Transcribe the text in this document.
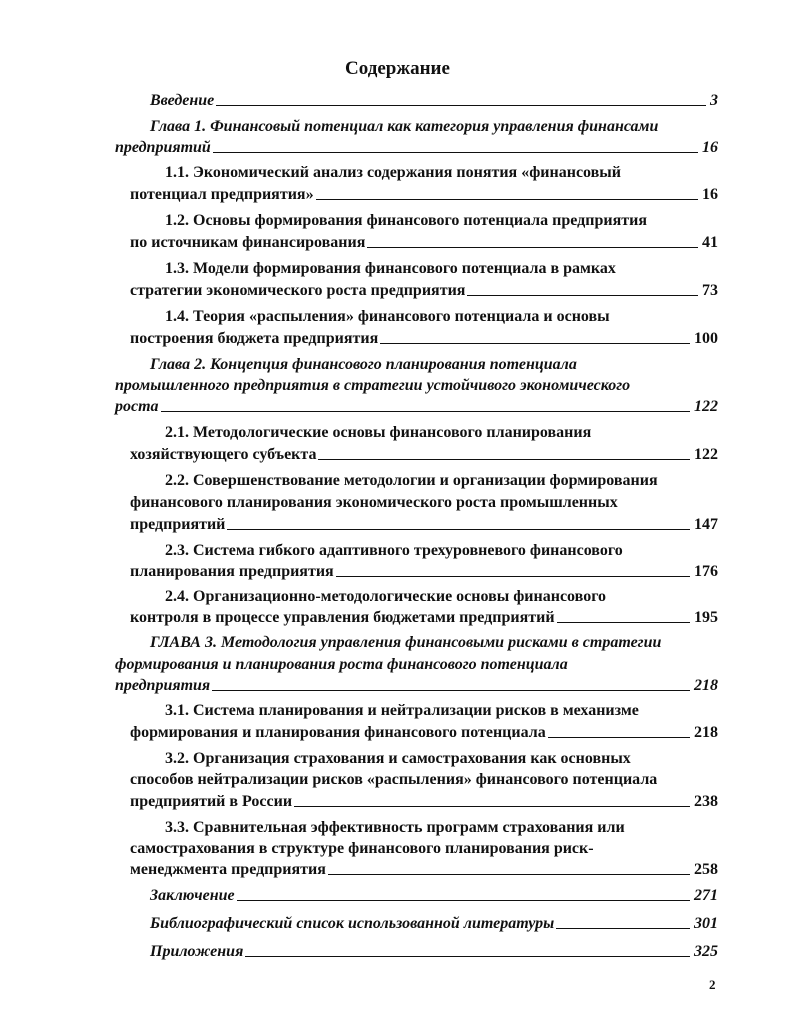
Содержание
Введение	3
Глава 1. Финансовый потенциал как категория управления финансами
предприятий	16
1.1. Экономический анализ содержания понятия «финансовый
потенциал предприятия»	16
1.2. Основы формирования финансового потенциала предприятия
по источникам финансирования	41
1.3. Модели формирования финансового потенциала в рамках
стратегии экономического роста предприятия	73
1.4. Теория «распыления» финансового потенциала и основы
построения бюджета предприятия	100
Глава 2. Концепция финансового планирования потенциала
промышленного предприятия в стратегии устойчивого экономического
роста	122
2.1. Методологические основы финансового планирования
хозяйствующего субъекта	122
2.2. Совершенствование методологии и организации формирования
финансового планирования экономического роста промышленных
предприятий	147
2.3. Система гибкого адаптивного трехуровневого финансового
планирования предприятия	176
2.4. Организационно-методологические основы финансового
контроля в процессе управления бюджетами предприятий	195
ГЛАВА 3. Методология управления финансовыми рисками в стратегии
формирования и планирования роста финансового потенциала
предприятия	218
3.1. Система планирования и нейтрализации рисков в механизме
формирования и планирования финансового потенциала	218
3.2. Организация страхования и самострахования как основных
способов нейтрализации рисков «распыления» финансового потенциала
предприятий в России	238
3.3. Сравнительная эффективность программ страхования или
самострахования в структуре финансового планирования риск-
менеджмента предприятия	258
Заключение	271
Библиографический список использованной литературы	301
Приложения	325
2
